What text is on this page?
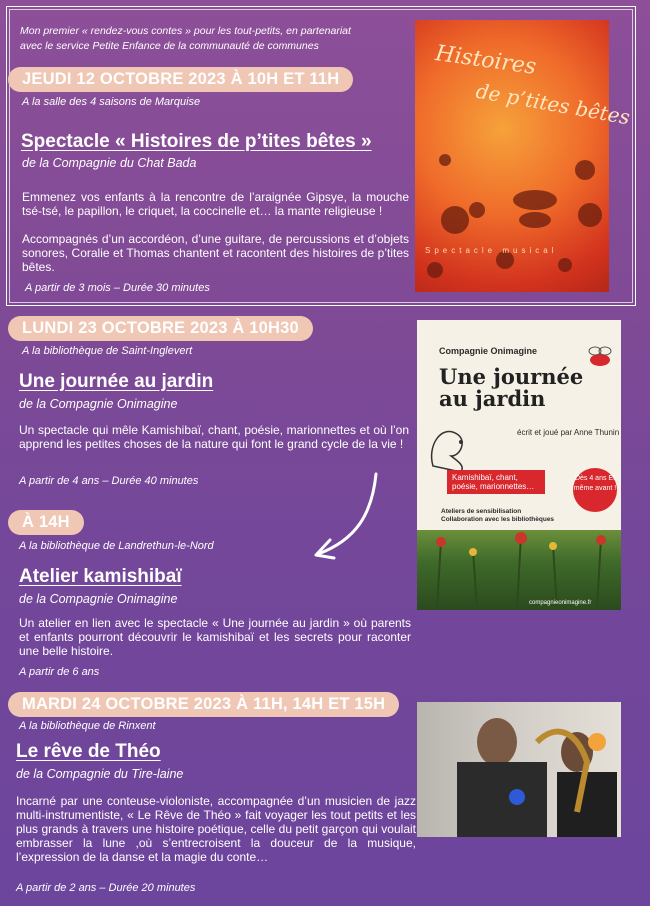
Mon premier « rendez-vous contes » pour les tout-petits, en partenariat
avec le service Petite Enfance de la communauté de communes
JEUDI 12 OCTOBRE 2023 À 10H ET 11H
A la salle des 4 saisons de Marquise
Spectacle « Histoires de p’tites bêtes »
de la Compagnie du Chat Bada
Emmenez vos enfants à la rencontre de l’araignée Gipsye, la mouche tsé-tsé, le papillon, le criquet, la coccinelle et… la mante religieuse !
Accompagnés d’un accordéon, d’une guitare, de percussions et d’objets sonores, Coralie et Thomas chantent et racontent des histoires de p’tites bêtes.
A partir de 3 mois – Durée 30 minutes
Histoires
de p’tites bêtes
Spectacle musical
LUNDI 23 OCTOBRE 2023 À 10H30
A la bibliothèque de Saint-Inglevert
Une journée au jardin
de la Compagnie Onimagine
Un spectacle qui mêle Kamishibaï, chant, poésie, marionnettes et où l’on apprend les petites choses de la nature qui font le grand cycle de la vie !
A partir de 4 ans – Durée 40 minutes
Compagnie Onimagine
Une journée au jardin
écrit et joué par Anne Thunin
Kamishibaï, chant, poésie, marionnettes…
Dès 4 ans Et même avant !
Ateliers de sensibilisation
Collaboration avec les bibliothèques
compagnieonimagine.fr
À 14H
A la bibliothèque de Landrethun-le-Nord
Atelier kamishibaï
de la Compagnie Onimagine
Un atelier en lien avec le spectacle « Une journée au jardin » où parents et enfants pourront découvrir le kamishibaï et les secrets pour raconter une belle histoire.
A partir de 6 ans
MARDI 24 OCTOBRE 2023 À 11H, 14H ET 15H
A la bibliothèque de Rinxent
Le rêve de Théo
de la Compagnie du Tire-laine
Incarné par une conteuse-violoniste, accompagnée d’un musicien de jazz multi-instrumentiste, « Le Rêve de Théo » fait voyager les tout petits et les plus grands à travers une histoire poétique, celle du petit garçon qui voulait embrasser la lune ,où s’entrecroisent la douceur de la musique, l’expression de la danse et la magie du conte…
A partir de 2 ans – Durée 20 minutes
